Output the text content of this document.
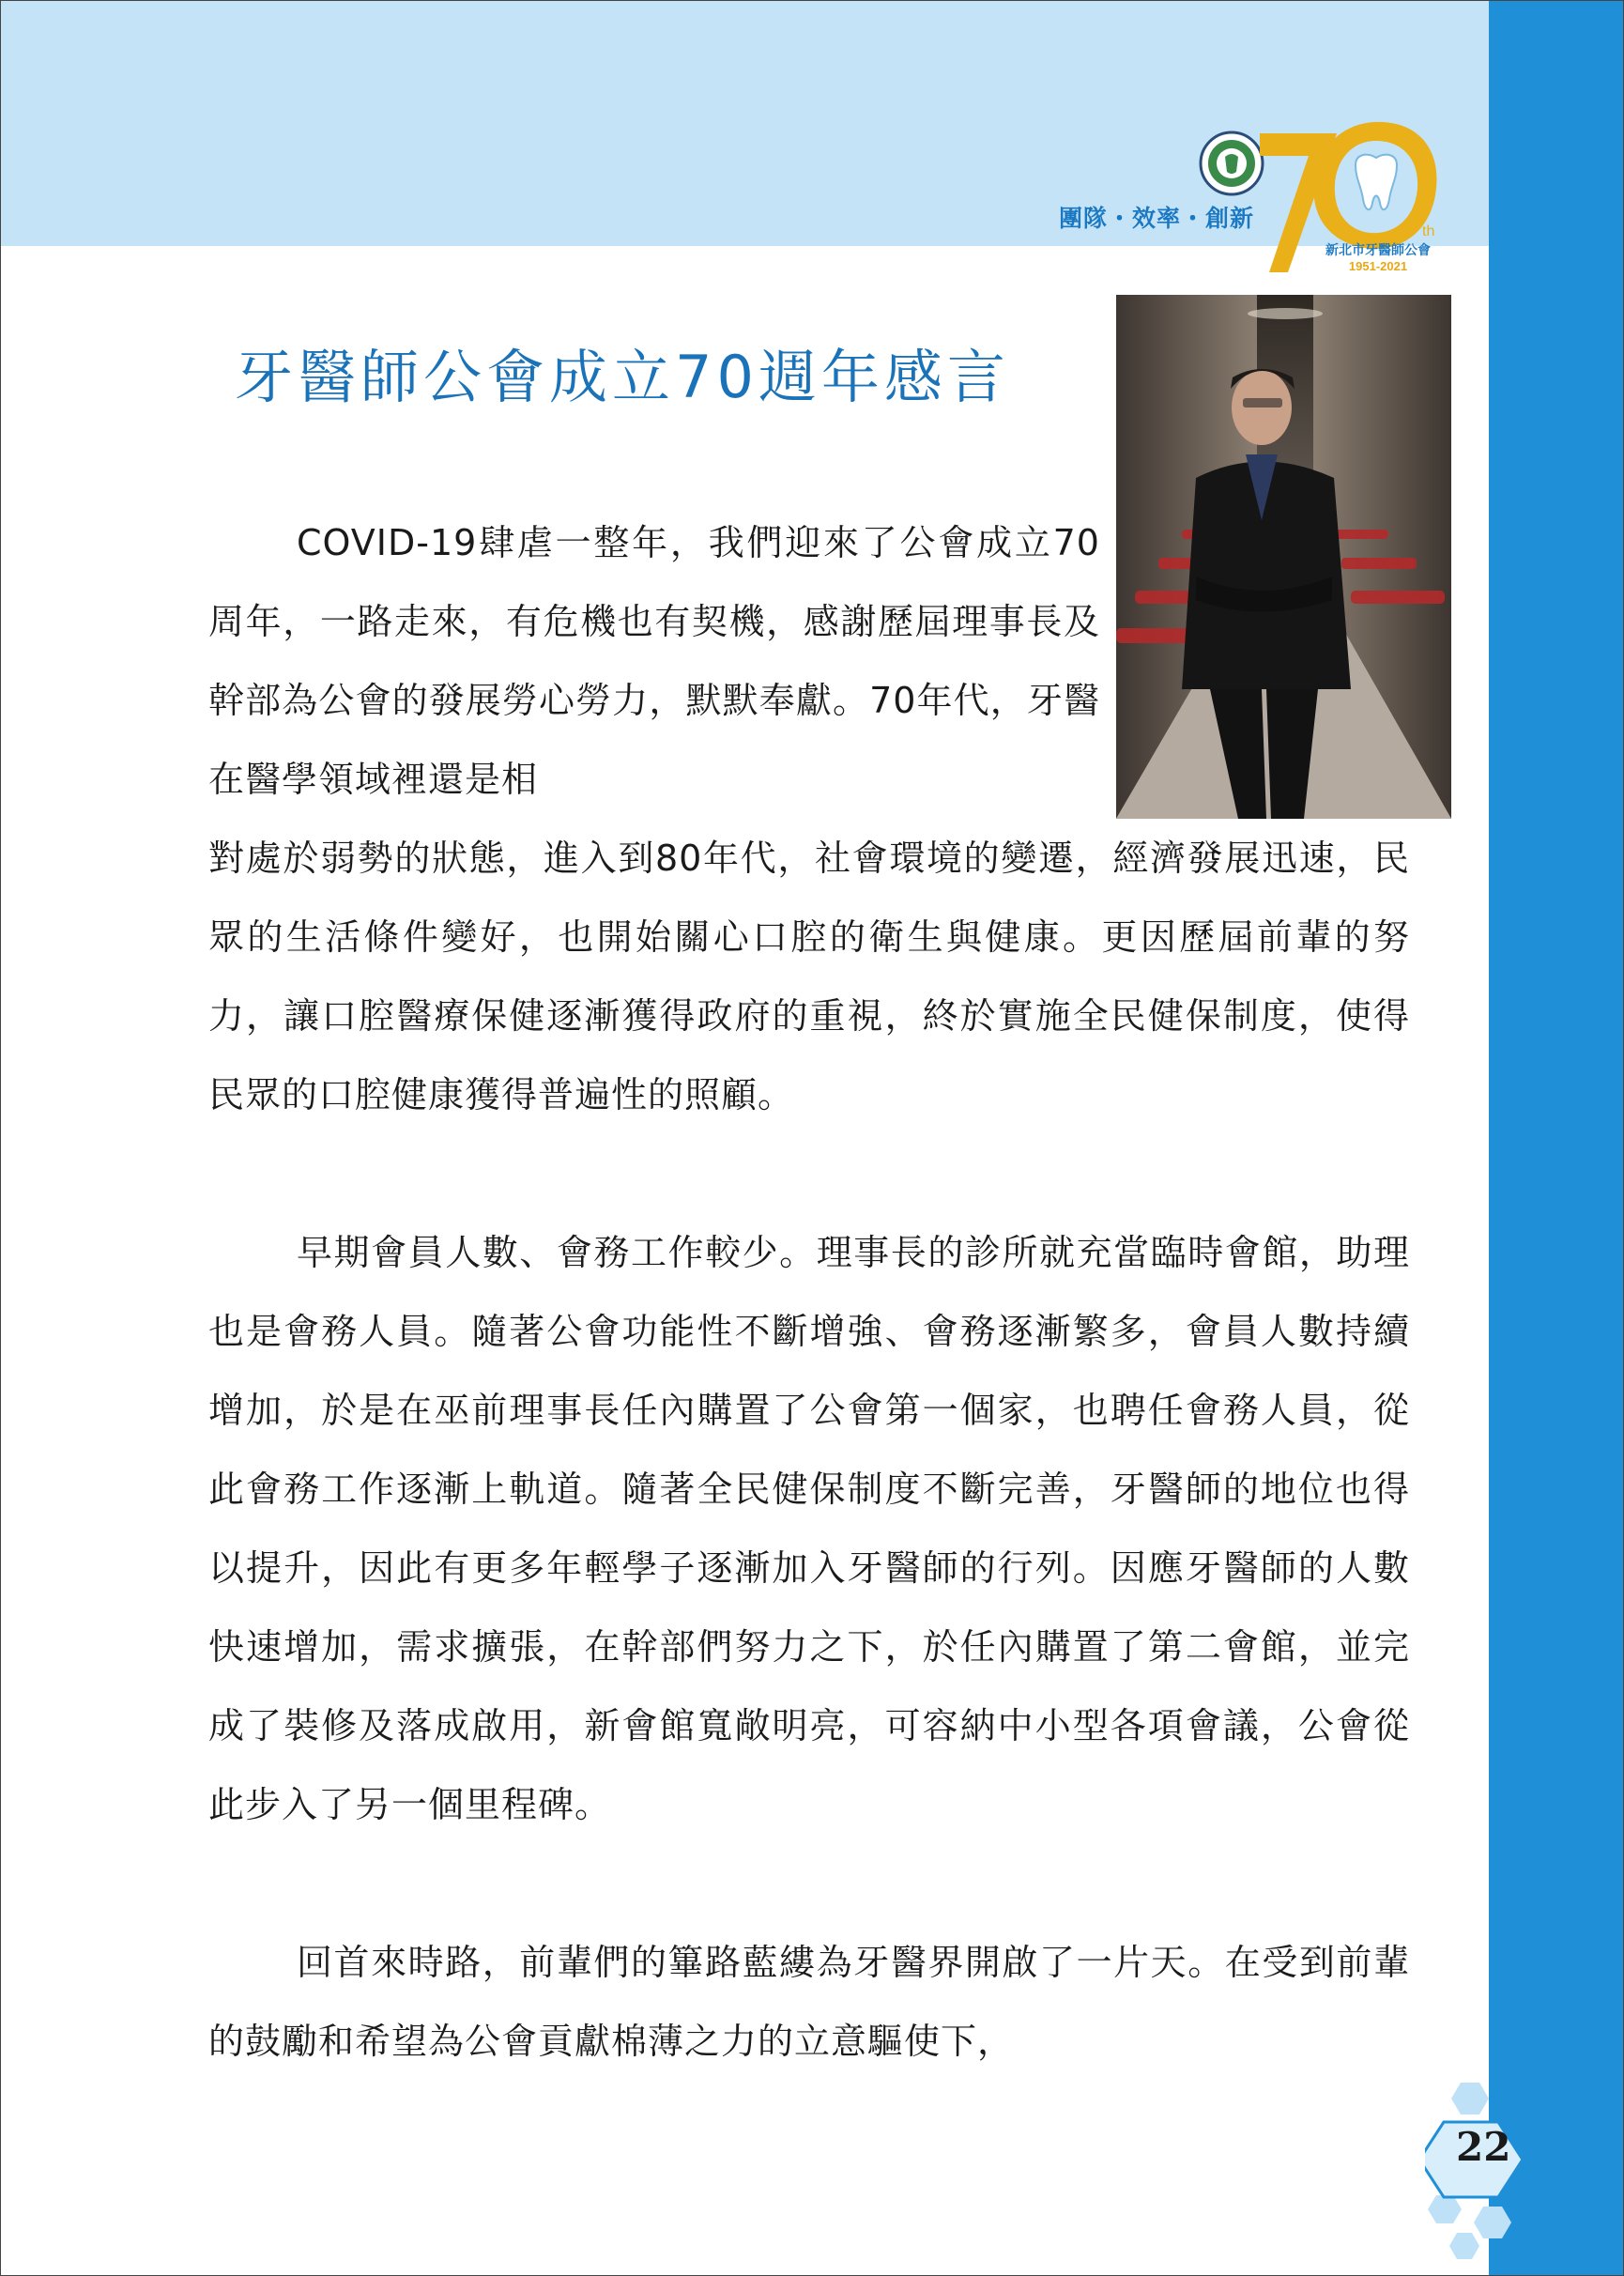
團隊・效率・創新	th
新北市牙醫師公會
1951-2021
牙醫師公會成立70週年感言

COVID-19肆虐一整年，我們迎來了公會成立70周年，一路走來，有危機也有契機，感謝歷屆理事長及幹部為公會的發展勞心勞力，默默奉獻。70年代，牙醫在醫學領域裡還是相

對處於弱勢的狀態，進入到80年代，社會環境的變遷，經濟發展迅速，民眾的生活條件變好，也開始關心口腔的衛生與健康。更因歷屆前輩的努力，讓口腔醫療保健逐漸獲得政府的重視，終於實施全民健保制度，使得民眾的口腔健康獲得普遍性的照顧。

早期會員人數、會務工作較少。理事長的診所就充當臨時會館，助理也是會務人員。隨著公會功能性不斷增強、會務逐漸繁多，會員人數持續增加，於是在巫前理事長任內購置了公會第一個家，也聘任會務人員，從此會務工作逐漸上軌道。隨著全民健保制度不斷完善，牙醫師的地位也得以提升，因此有更多年輕學子逐漸加入牙醫師的行列。因應牙醫師的人數快速增加，需求擴張，在幹部們努力之下，於任內購置了第二會館，並完成了裝修及落成啟用，新會館寬敞明亮，可容納中小型各項會議，公會從此步入了另一個里程碑。

回首來時路，前輩們的篳路藍縷為牙醫界開啟了一片天。在受到前輩的鼓勵和希望為公會貢獻棉薄之力的立意驅使下，

22
